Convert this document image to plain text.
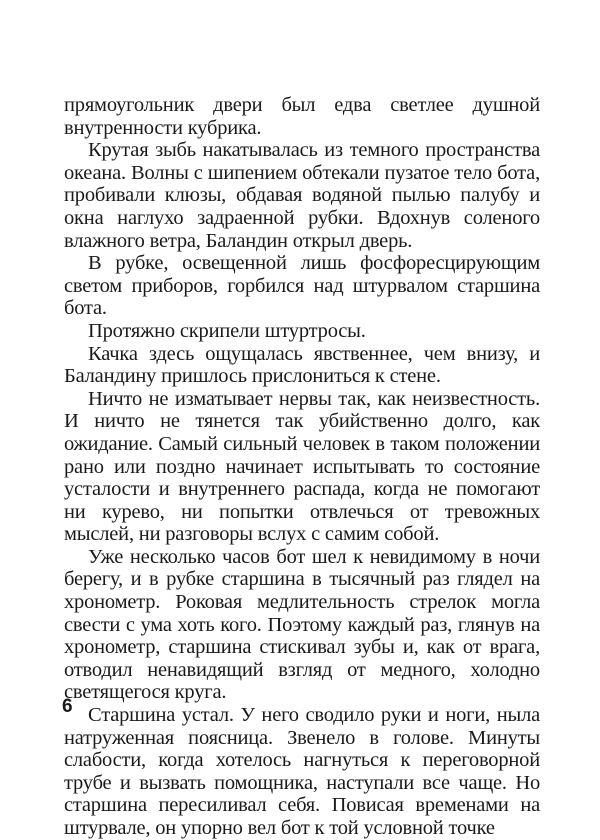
прямоугольник двери был едва светлее душной внутренности кубрика.

Крутая зыбь накатывалась из темного пространства океана. Волны с шипением обтекали пузатое тело бота, пробивали клюзы, обдавая водяной пылью палубу и окна наглухо задраенной рубки. Вдохнув соленого влажного ветра, Баландин открыл дверь.

В рубке, освещенной лишь фосфоресцирующим светом приборов, горбился над штурвалом старшина бота.

Протяжно скрипели штуртросы.

Качка здесь ощущалась явственнее, чем внизу, и Баландину пришлось прислониться к стене.

Ничто не изматывает нервы так, как неизвестность. И ничто не тянется так убийственно долго, как ожидание. Самый сильный человек в таком положении рано или поздно начинает испытывать то состояние усталости и внутреннего распада, когда не помогают ни курево, ни попытки отвлечься от тревожных мыслей, ни разговоры вслух с самим собой.

Уже несколько часов бот шел к невидимому в ночи берегу, и в рубке старшина в тысячный раз глядел на хронометр. Роковая медлительность стрелок могла свести с ума хоть кого. Поэтому каждый раз, глянув на хронометр, старшина стискивал зубы и, как от врага, отводил ненавидящий взгляд от медного, холодно светящегося круга.

Старшина устал. У него сводило руки и ноги, ныла натруженная поясница. Звенело в голове. Минуты слабости, когда хотелось нагнуться к переговорной трубе и вызвать помощника, наступали все чаще. Но старшина пересиливал себя. Повисая временами на штурвале, он упорно вел бот к той условной точке

6
